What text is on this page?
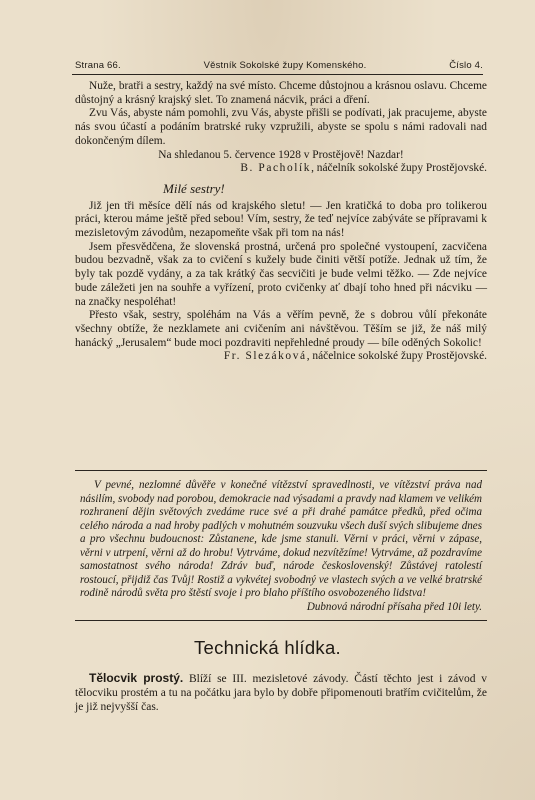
Strana 66.	Věstník Sokolské župy Komenského.	Číslo 4.

Nuže, bratři a sestry, každý na své místo. Chceme důstojnou a krásnou oslavu. Chceme důstojný a krásný krajský slet. To znamená nácvik, práci a dření.

Zvu Vás, abyste nám pomohli, zvu Vás, abyste přišli se podívati, jak pracujeme, abyste nás svou účastí a podáním bratrské ruky vzpružili, abyste se spolu s námi radovali nad dokončeným dílem.

Na shledanou 5. července 1928 v Prostějově! Nazdar!

B. Pacholík, náčelník sokolské župy Prostějovské.

Milé sestry!

Již jen tři měsíce dělí nás od krajského sletu! — Jen kratičká to doba pro tolikerou práci, kterou máme ještě před sebou! Vím, sestry, že teď nejvíce zabýváte se přípravami k mezisletovým závodům, nezapomeňte však při tom na nás!

Jsem přesvědčena, že slovenská prostná, určená pro společné vystoupení, zacvičena budou bezvadně, však za to cvičení s kužely bude činiti větší potíže. Jednak už tím, že byly tak pozdě vydány, a za tak krátký čas secvičiti je bude velmi těžko. — Zde nejvíce bude záležeti jen na souhře a vyřízení, proto cvičenky ať dbají toho hned při nácviku — na značky nespoléhat!

Přesto však, sestry, spoléhám na Vás a věřím pevně, že s dobrou vůlí překonáte všechny obtíže, že nezklamete ani cvičením ani návštěvou. Těším se již, že náš milý hanácký „Jerusalem“ bude moci pozdraviti nepřehledné proudy — bíle oděných Sokolic!

Fr. Slezáková, náčelnice sokolské župy Prostějovské.

V pevné, nezlomné důvěře v konečné vítězství spravedlnosti, ve vítězství práva nad násilím, svobody nad porobou, demokracie nad výsadami a pravdy nad klamem ve velikém rozhranení dějin světových zvedáme ruce své a při drahé památce předků, před očima celého národa a nad hroby padlých v mohutném souzvuku všech duší svých slibujeme dnes a pro všechnu budoucnost: Zůstanene, kde jsme stanuli. Věrni v práci, věrni v zápase, věrni v utrpení, věrni až do hrobu! Vytrváme, dokud nezvítězíme! Vytrváme, až pozdravíme samostatnost svého národa! Zdráv buď, národe československý! Zůstávej ratolestí rostoucí, přijdiž čas Tvůj! Rostiž a vykvétej svobodný ve vlastech svých a ve velké bratrské rodině národů světa pro štěstí svoje i pro blaho příštího osvobozeného lidstva!

Dubnová národní přísaha před 10i lety.

Technická hlídka.

Tělocvik prostý. Blíží se III. mezisletové závody. Částí těchto jest i závod v tělocviku prostém a tu na počátku jara bylo by dobře připomenouti bratřím cvičitelům, že je již nejvyšší čas.
